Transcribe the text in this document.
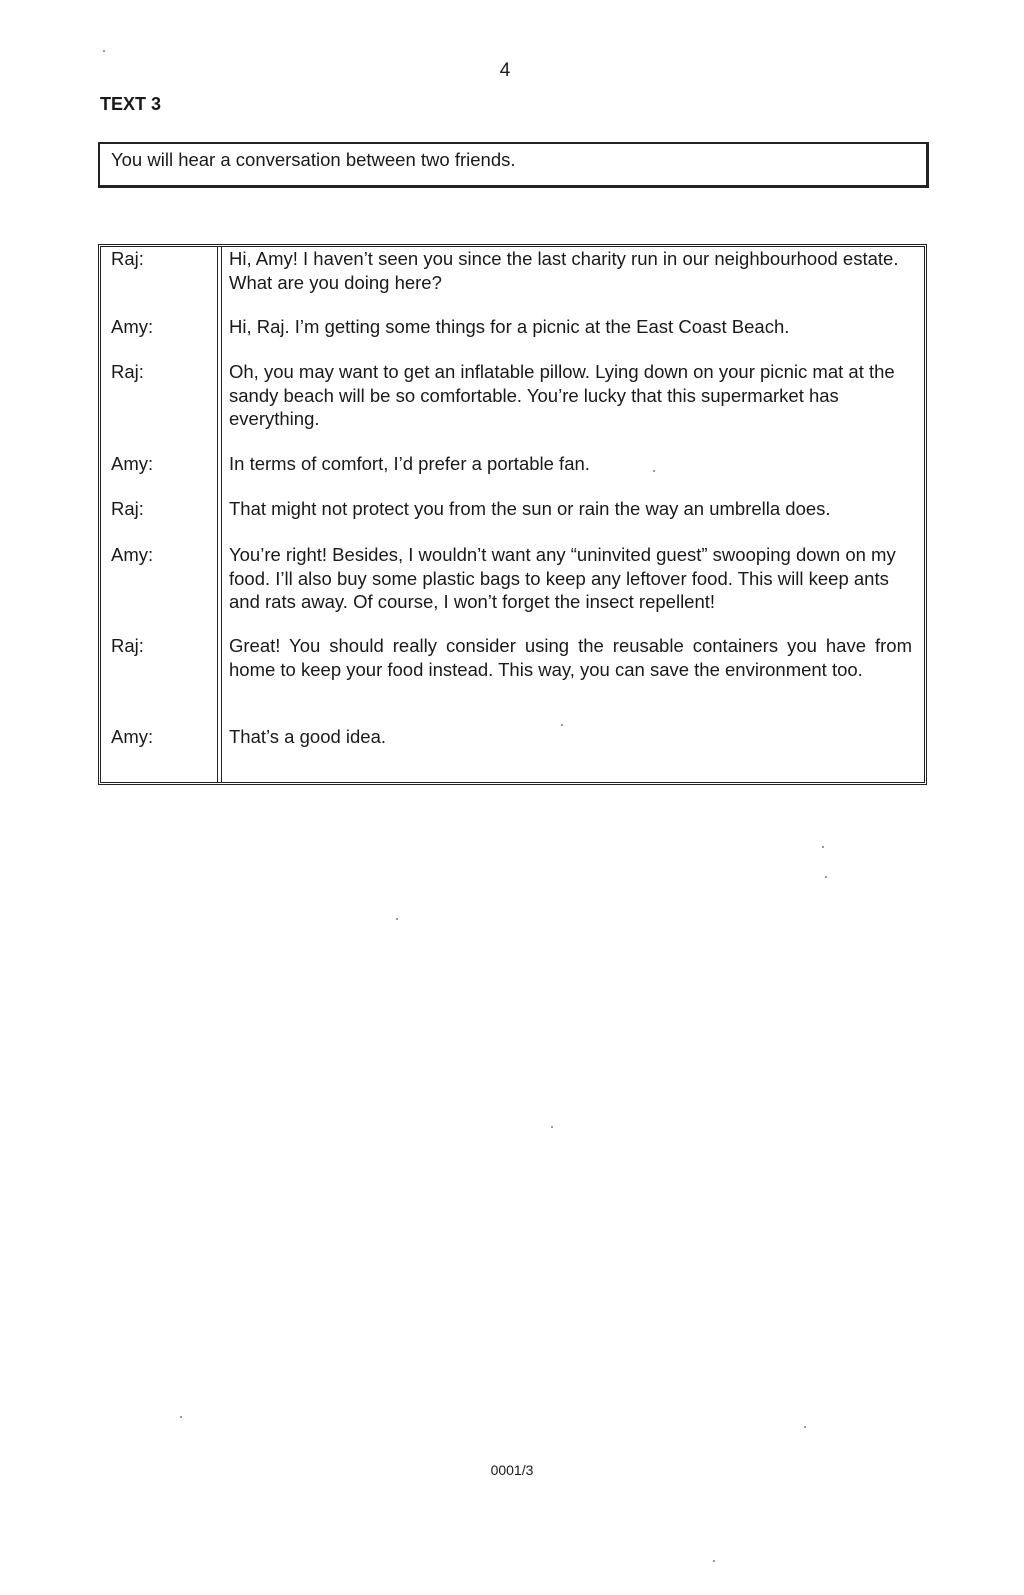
4
TEXT 3
You will hear a conversation between two friends.
Raj:	Hi, Amy! I haven’t seen you since the last charity run in our neighbourhood estate. What are you doing here?
Amy:	Hi, Raj. I’m getting some things for a picnic at the East Coast Beach.
Raj:	Oh, you may want to get an inflatable pillow. Lying down on your picnic mat at the sandy beach will be so comfortable. You’re lucky that this supermarket has everything.
Amy:	In terms of comfort, I’d prefer a portable fan.
Raj:	That might not protect you from the sun or rain the way an umbrella does.
Amy:	You’re right! Besides, I wouldn’t want any “uninvited guest” swooping down on my food. I’ll also buy some plastic bags to keep any leftover food. This will keep ants and rats away. Of course, I won’t forget the insect repellent!
Raj:	Great! You should really consider using the reusable containers you have from home to keep your food instead. This way, you can save the environment too.
Amy:	That’s a good idea.
0001/3
